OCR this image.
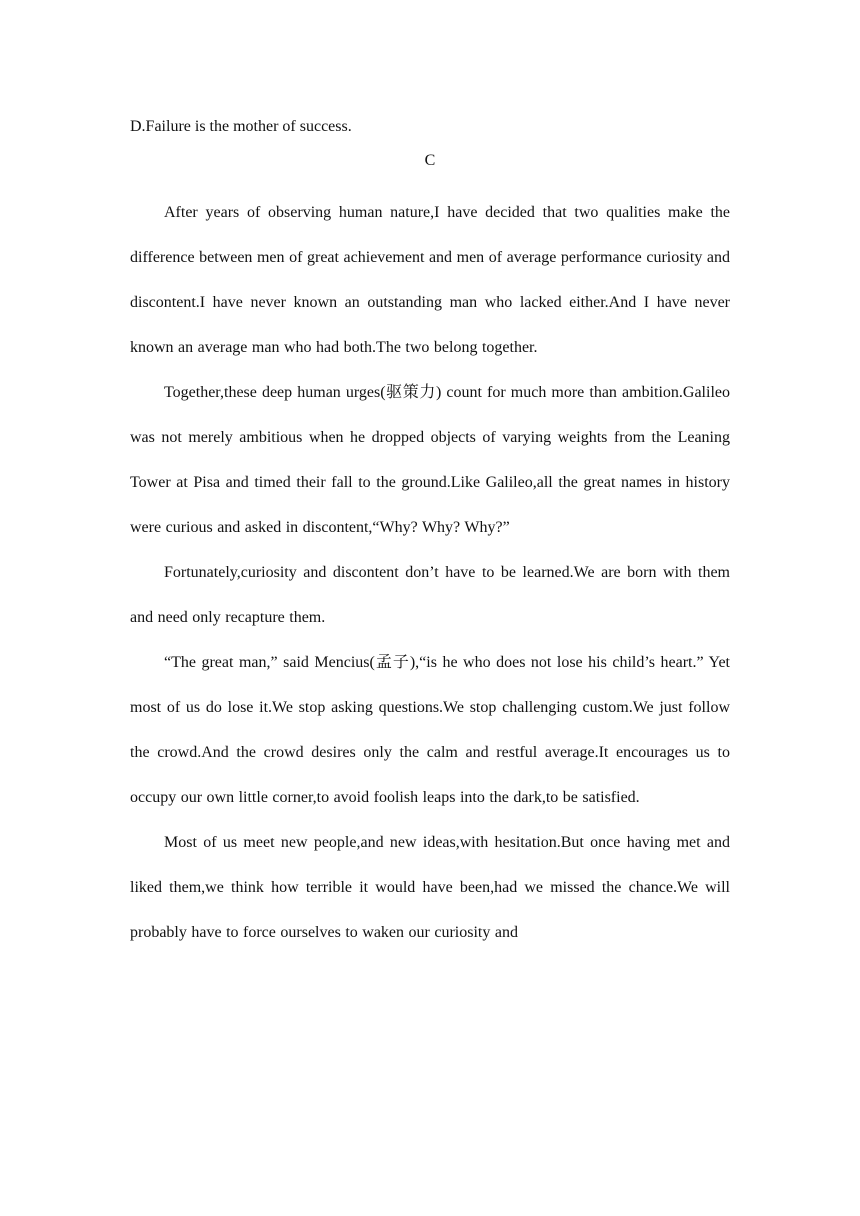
D.Failure is the mother of success.
C

After years of observing human nature,I have decided that two qualities make the difference between men of great achievement and men of average performance curiosity and discontent.I have never known an outstanding man who lacked either.And I have never known an average man who had both.The two belong together.

Together,these deep human urges(驱策力) count for much more than ambition.Galileo was not merely ambitious when he dropped objects of varying weights from the Leaning Tower at Pisa and timed their fall to the ground.Like Galileo,all the great names in history were curious and asked in discontent,“Why? Why? Why?”

Fortunately,curiosity and discontent don’t have to be learned.We are born with them and need only recapture them.

“The great man,” said Mencius(孟子),“is he who does not lose his child’s heart.” Yet most of us do lose it.We stop asking questions.We stop challenging custom.We just follow the crowd.And the crowd desires only the calm and restful average.It encourages us to occupy our own little corner,to avoid foolish leaps into the dark,to be satisfied.

Most of us meet new people,and new ideas,with hesitation.But once having met and liked them,we think how terrible it would have been,had we missed the chance.We will probably have to force ourselves to waken our curiosity and
